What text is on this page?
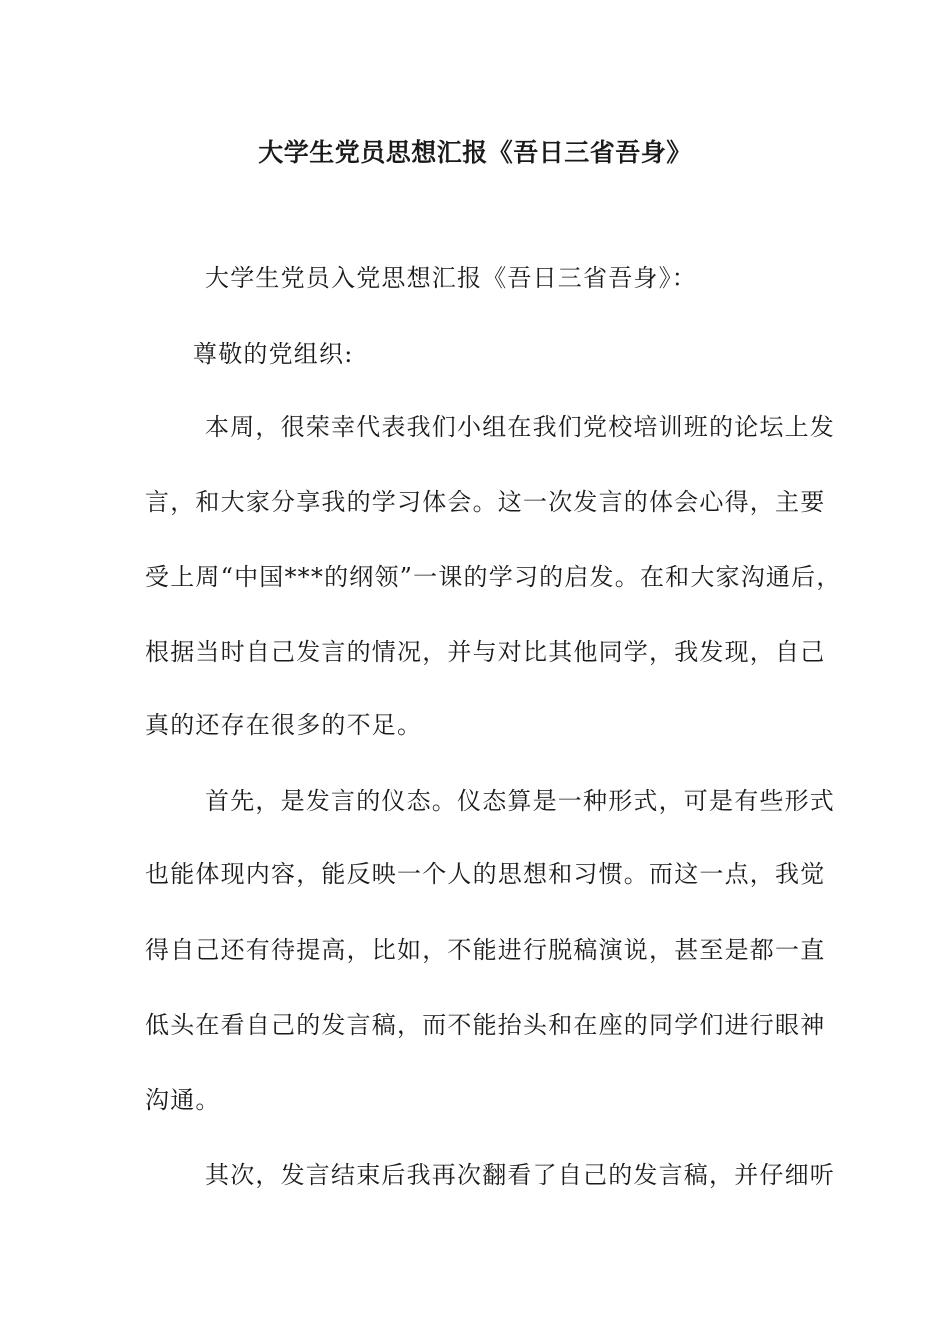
大学生党员思想汇报《吾日三省吾身》
大学生党员入党思想汇报《吾日三省吾身》：
尊敬的党组织:
本周，很荣幸代表我们小组在我们党校培训班的论坛上发
言，和大家分享我的学习体会。这一次发言的体会心得，主要
受上周“中国***的纲领”一课的学习的启发。在和大家沟通后，
根据当时自己发言的情况，并与对比其他同学，我发现，自己
真的还存在很多的不足。
首先，是发言的仪态。仪态算是一种形式，可是有些形式
也能体现内容，能反映一个人的思想和习惯。而这一点，我觉
得自己还有待提高，比如，不能进行脱稿演说，甚至是都一直
低头在看自己的发言稿，而不能抬头和在座的同学们进行眼神
沟通。
其次，发言结束后我再次翻看了自己的发言稿，并仔细听
